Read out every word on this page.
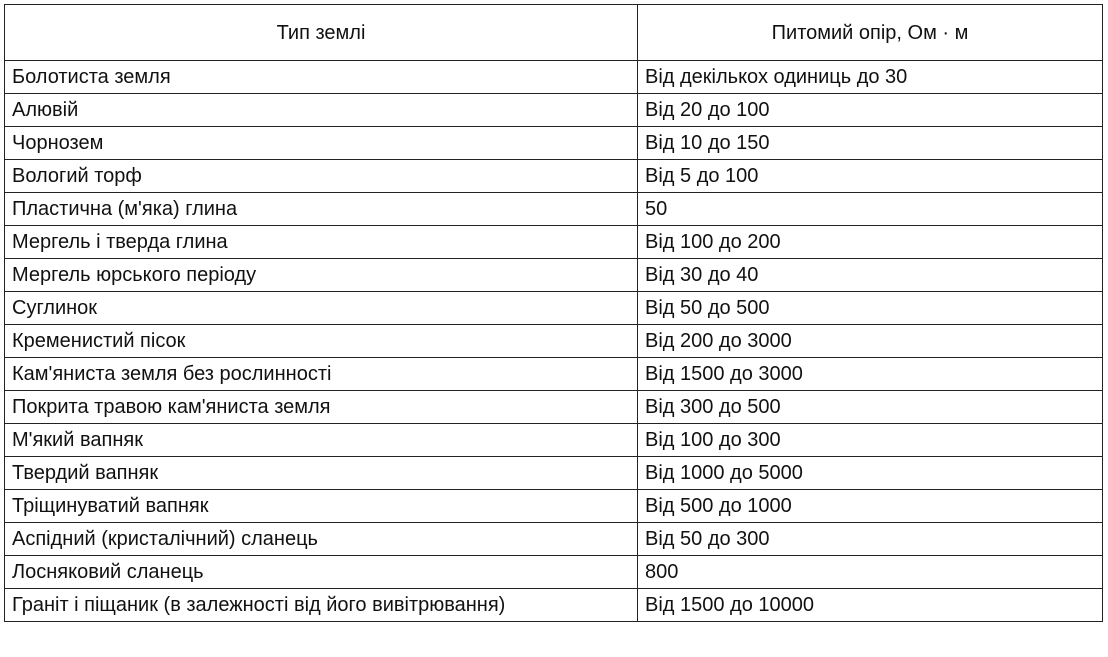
Тип землі	Питомий опір, Ом · м
Болотиста земля	Від декількох одиниць до 30
Алювій	Від 20 до 100
Чорнозем	Від 10 до 150
Вологий торф	Від 5 до 100
Пластична (м'яка) глина	50
Мергель і тверда глина	Від 100 до 200
Мергель юрського періоду	Від 30 до 40
Суглинок	Від 50 до 500
Кременистий пісок	Від 200 до 3000
Кам'яниста земля без рослинності	Від 1500 до 3000
Покрита травою кам'яниста земля	Від 300 до 500
М'який вапняк	Від 100 до 300
Твердий вапняк	Від 1000 до 5000
Тріщинуватий вапняк	Від 500 до 1000
Аспідний (кристалічний) сланець	Від 50 до 300
Лосняковий сланець	800
Граніт і піщаник (в залежності від його вивітрювання)	Від 1500 до 10000
